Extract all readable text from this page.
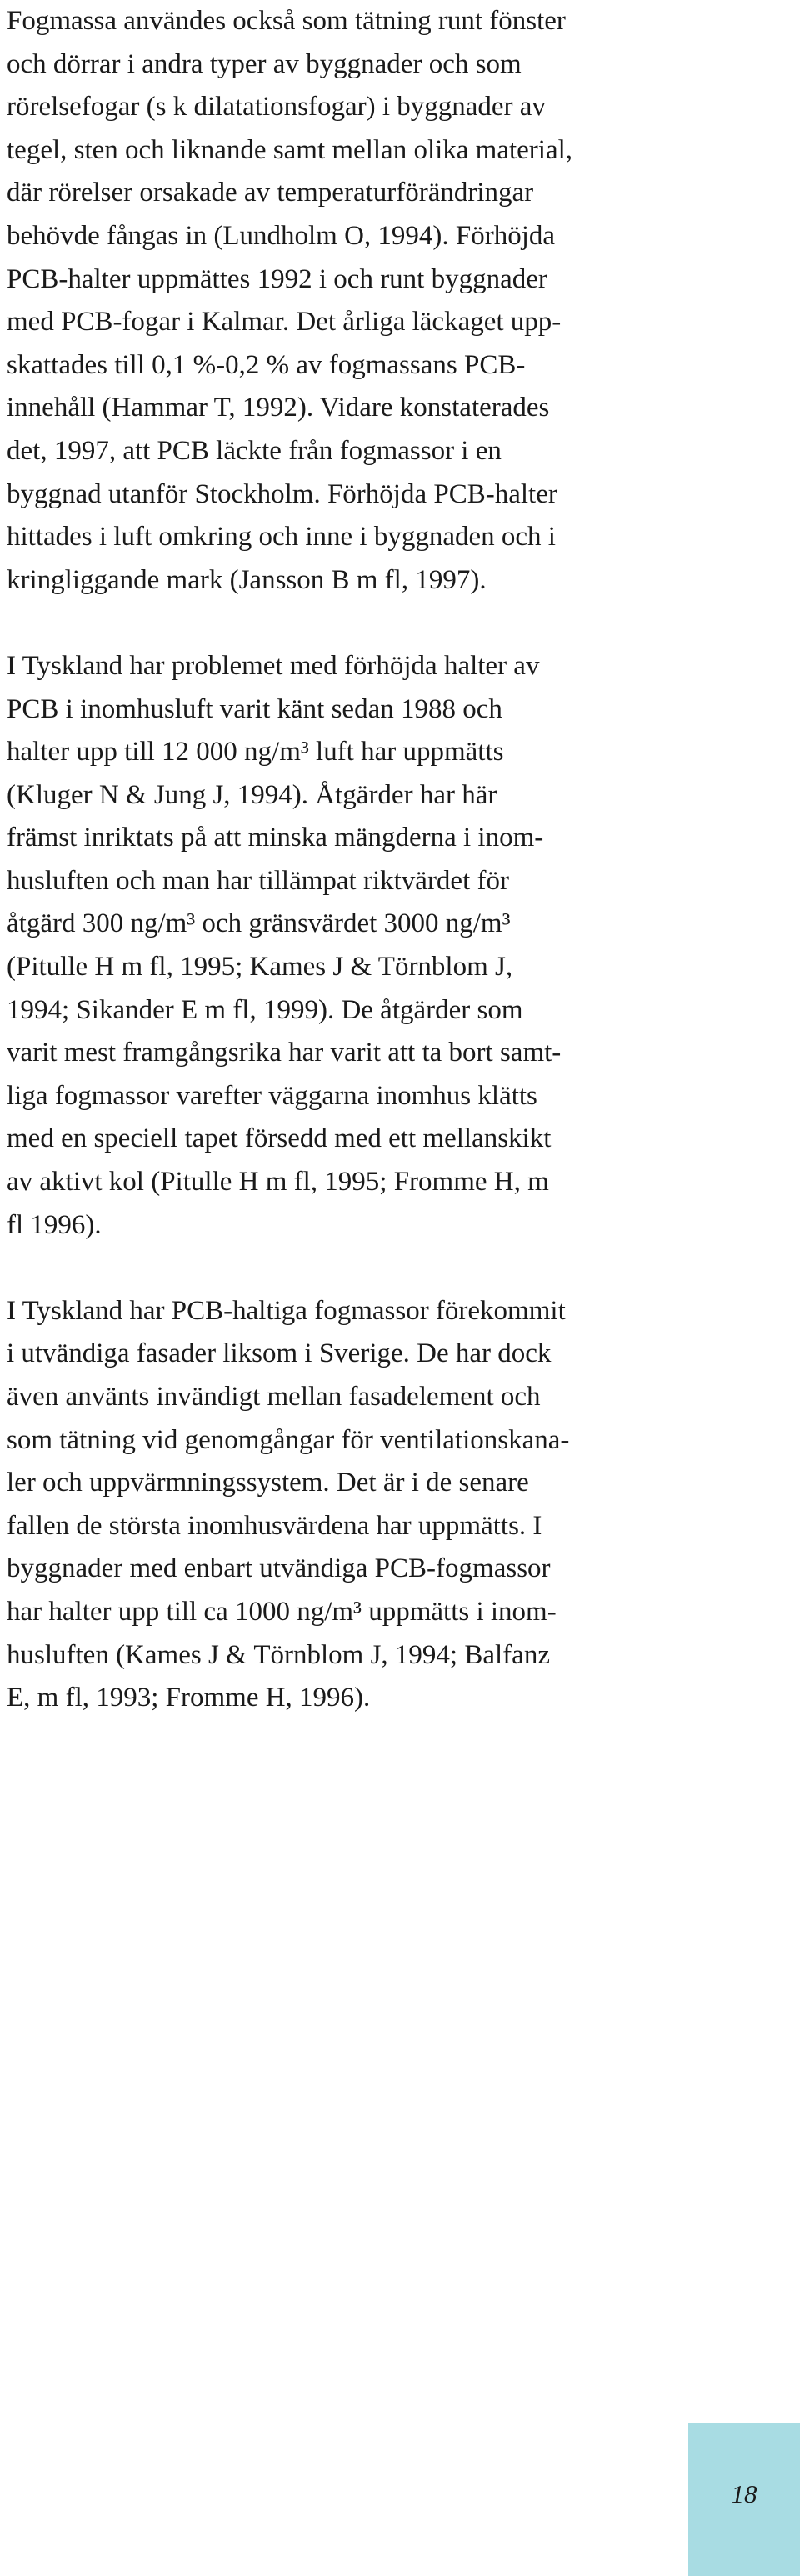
Fogmassa användes också som tätning runt fönster
och dörrar i andra typer av byggnader och som
rörelsefogar (s k dilatationsfogar) i byggnader av
tegel, sten och liknande samt mellan olika material,
där rörelser orsakade av temperaturförändringar
behövde fångas in (Lundholm O, 1994). Förhöjda
PCB-halter uppmättes 1992 i och runt byggnader
med PCB-fogar i Kalmar. Det årliga läckaget upp-
skattades till 0,1 %-0,2 % av fogmassans PCB-
innehåll (Hammar T, 1992). Vidare konstaterades
det, 1997, att PCB läckte från fogmassor i en
byggnad utanför Stockholm. Förhöjda PCB-halter
hittades i luft omkring och inne i byggnaden och i
kringliggande mark (Jansson B m fl, 1997).
I Tyskland har problemet med förhöjda halter av
PCB i inomhusluft varit känt sedan 1988 och
halter upp till 12 000 ng/m³ luft har uppmätts
(Kluger N & Jung J, 1994). Åtgärder har här
främst inriktats på att minska mängderna i inom-
husluften och man har tillämpat riktvärdet för
åtgärd 300 ng/m³ och gränsvärdet 3000 ng/m³
(Pitulle H m fl, 1995; Kames J & Törnblom J,
1994; Sikander E m fl, 1999). De åtgärder som
varit mest framgångsrika har varit att ta bort samt-
liga fogmassor varefter väggarna inomhus klätts
med en speciell tapet försedd med ett mellanskikt
av aktivt kol (Pitulle H m fl, 1995; Fromme H, m
fl 1996).
I Tyskland har PCB-haltiga fogmassor förekommit
i utvändiga fasader liksom i Sverige. De har dock
även använts invändigt mellan fasadelement och
som tätning vid genomgångar för ventilationskana-
ler och uppvärmningssystem. Det är i de senare
fallen de största inomhusvärdena har uppmätts. I
byggnader med enbart utvändiga PCB-fogmassor
har halter upp till ca 1000 ng/m³ uppmätts i inom-
husluften (Kames J & Törnblom J, 1994; Balfanz
E, m fl, 1993; Fromme H, 1996).
18
